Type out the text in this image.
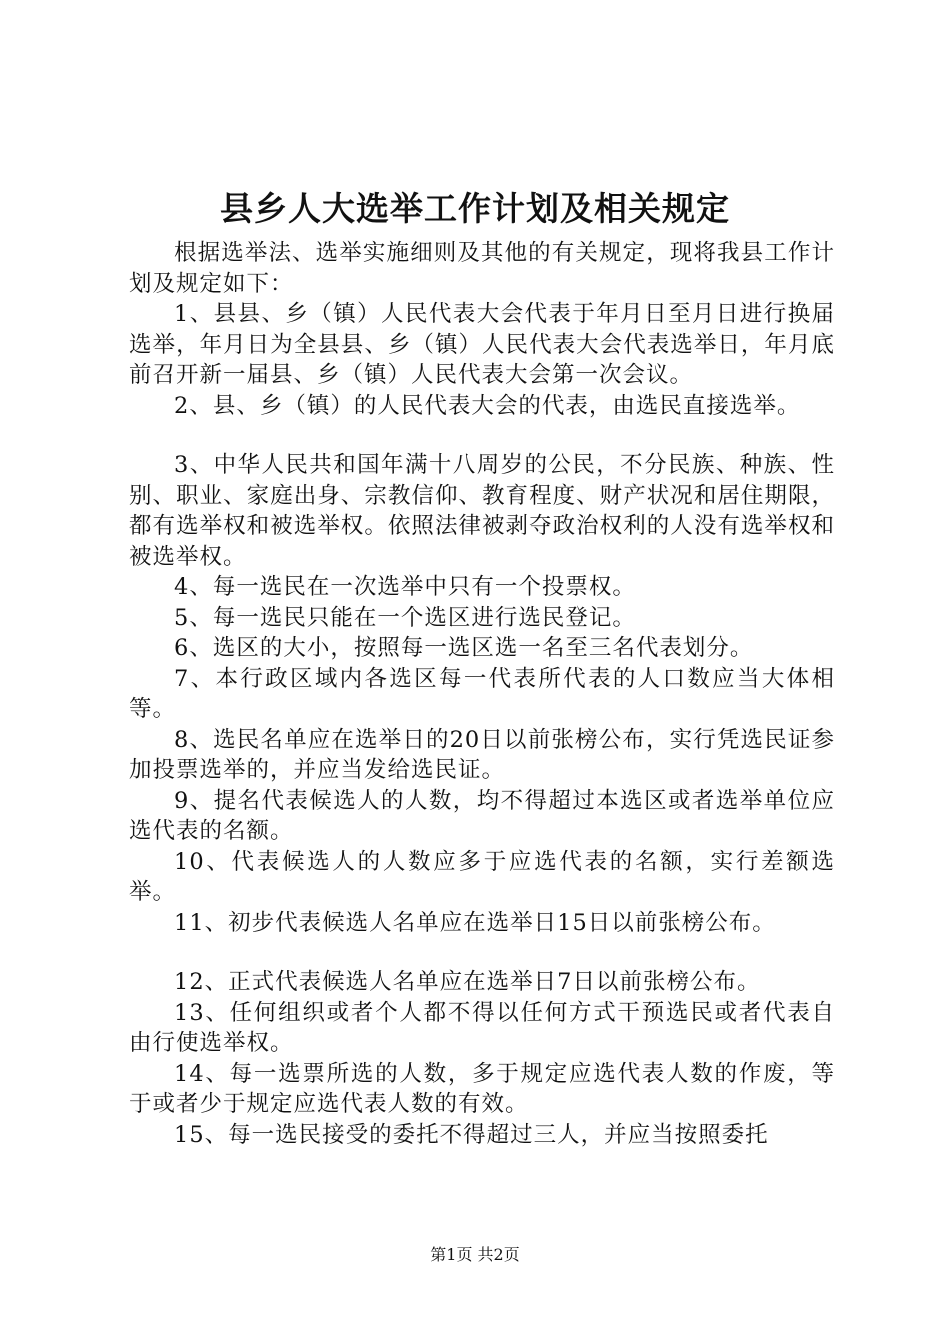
县乡人大选举工作计划及相关规定

根据选举法、选举实施细则及其他的有关规定，现将我县工作计划及规定如下：

1、县县、乡（镇）人民代表大会代表于年月日至月日进行换届选举，年月日为全县县、乡（镇）人民代表大会代表选举日，年月底前召开新一届县、乡（镇）人民代表大会第一次会议。

2、县、乡（镇）的人民代表大会的代表，由选民直接选举。

3、中华人民共和国年满十八周岁的公民，不分民族、种族、性别、职业、家庭出身、宗教信仰、教育程度、财产状况和居住期限，都有选举权和被选举权。依照法律被剥夺政治权利的人没有选举权和被选举权。

4、每一选民在一次选举中只有一个投票权。

5、每一选民只能在一个选区进行选民登记。

6、选区的大小，按照每一选区选一名至三名代表划分。

7、本行政区域内各选区每一代表所代表的人口数应当大体相等。

8、选民名单应在选举日的20日以前张榜公布，实行凭选民证参加投票选举的，并应当发给选民证。

9、提名代表候选人的人数，均不得超过本选区或者选举单位应选代表的名额。

10、代表候选人的人数应多于应选代表的名额，实行差额选举。

11、初步代表候选人名单应在选举日15日以前张榜公布。

12、正式代表候选人名单应在选举日7日以前张榜公布。

13、任何组织或者个人都不得以任何方式干预选民或者代表自由行使选举权。

14、每一选票所选的人数，多于规定应选代表人数的作废，等于或者少于规定应选代表人数的有效。

15、每一选民接受的委托不得超过三人，并应当按照委托

第1页 共2页
